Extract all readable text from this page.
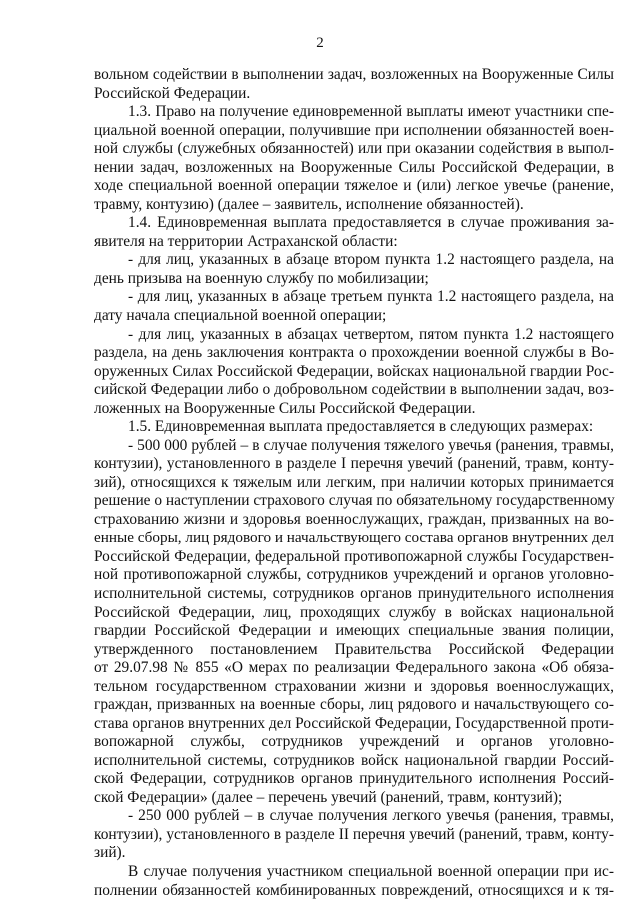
2
вольном содействии в выполнении задач, возложенных на Вооруженные Силы
Российской Федерации.
1.3. Право на получение единовременной выплаты имеют участники спе-
циальной военной операции, получившие при исполнении обязанностей воен-
ной службы (служебных обязанностей) или при оказании содействия в выпол-
нении задач, возложенных на Вооруженные Силы Российской Федерации, в
ходе специальной военной операции тяжелое и (или) легкое увечье (ранение,
травму, контузию) (далее – заявитель, исполнение обязанностей).
1.4. Единовременная выплата предоставляется в случае проживания за-
явителя на территории Астраханской области:
- для лиц, указанных в абзаце втором пункта 1.2 настоящего раздела, на
день призыва на военную службу по мобилизации;
- для лиц, указанных в абзаце третьем пункта 1.2 настоящего раздела, на
дату начала специальной военной операции;
- для лиц, указанных в абзацах четвертом, пятом пункта 1.2 настоящего
раздела, на день заключения контракта о прохождении военной службы в Во-
оруженных Силах Российской Федерации, войсках национальной гвардии Рос-
сийской Федерации либо о добровольном содействии в выполнении задач, воз-
ложенных на Вооруженные Силы Российской Федерации.
1.5. Единовременная выплата предоставляется в следующих размерах:
- 500 000 рублей – в случае получения тяжелого увечья (ранения, травмы,
контузии), установленного в разделе I перечня увечий (ранений, травм, конту-
зий), относящихся к тяжелым или легким, при наличии которых принимается
решение о наступлении страхового случая по обязательному государственному
страхованию жизни и здоровья военнослужащих, граждан, призванных на во-
енные сборы, лиц рядового и начальствующего состава органов внутренних дел
Российской Федерации, федеральной противопожарной службы Государствен-
ной противопожарной службы, сотрудников учреждений и органов уголовно-
исполнительной системы, сотрудников органов принудительного исполнения
Российской Федерации, лиц, проходящих службу в войсках национальной
гвардии Российской Федерации и имеющих специальные звания полиции,
утвержденного постановлением Правительства Российской Федерации
от 29.07.98 № 855 «О мерах по реализации Федерального закона «Об обяза-
тельном государственном страховании жизни и здоровья военнослужащих,
граждан, призванных на военные сборы, лиц рядового и начальствующего со-
става органов внутренних дел Российской Федерации, Государственной проти-
вопожарной службы, сотрудников учреждений и органов уголовно-
исполнительной системы, сотрудников войск национальной гвардии Россий-
ской Федерации, сотрудников органов принудительного исполнения Россий-
ской Федерации» (далее – перечень увечий (ранений, травм, контузий);
- 250 000 рублей – в случае получения легкого увечья (ранения, травмы,
контузии), установленного в разделе II перечня увечий (ранений, травм, конту-
зий).
В случае получения участником специальной военной операции при ис-
полнении обязанностей комбинированных повреждений, относящихся и к тя-
